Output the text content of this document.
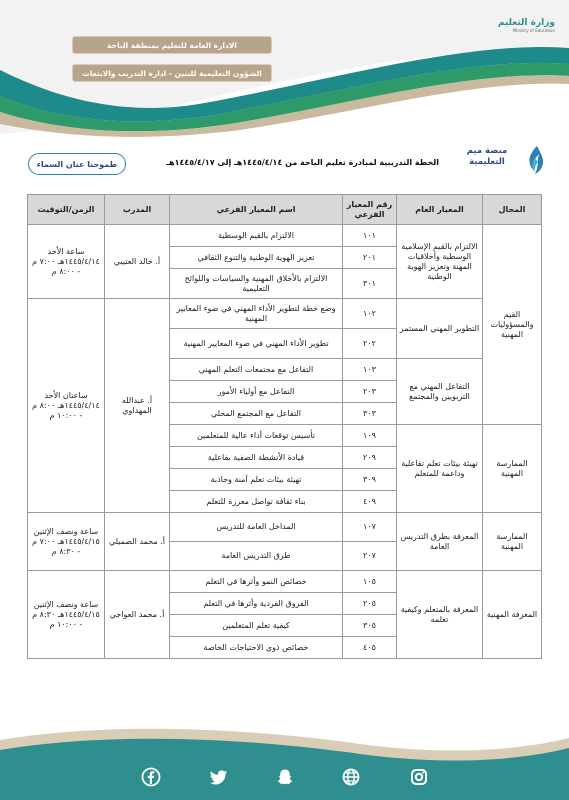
الادارة العامة للتعليم بمنطقة الباحة
الشؤون التعليمية للبنين - ادارة التدريب والابتعاث
وزارة التعليم
Ministry of Education
منصة ميم التعليمية
الخطة التدريبية لمبادرة تعليم الباحة من ١٤٤٥/٤/١٤هـ إلى ١٤٤٥/٤/١٧هـ
طموحنا عنان السماء
المجال	المعيار العام	رقم المعيار الفرعي	اسم المعيار الفرعي	المدرب	الزمن/التوقيت
القيم والمسؤوليات المهنية	الالتزام بالقيم الإسلامية الوسطية وأخلاقيات المهنة وتعزيز الهوية الوطنية	١٠١	الالتزام بالقيم الوسطية	أ. خالد العتيبي	ساعة الأحد ١٤٤٥/٤/١٤هـ ٧:٠٠ م - ٨:٠٠ م
		٢٠١	تعزيز الهوية الوطنية والتنوع الثقافي		
		٣٠١	الالتزام بالأخلاق المهنية والسياسات واللوائح التعليمية		
	التطوير المهني المستمر	١٠٢	وضع خطة لتطوير الأداء المهني في ضوء المعايير المهنية	أ. عبدالله المهداوي	ساعتان الأحد ١٤٤٥/٤/١٤هـ ٨:٠٠ م - ١٠:٠٠ م
		٢٠٢	تطوير الأداء المهني في ضوء المعايير المهنية		
	التفاعل المهني مع التربويين والمجتمع	١٠٣	التفاعل مع مجتمعات التعلم المهني		
		٢٠٣	التفاعل مع أولياء الأمور		
		٣٠٣	التفاعل مع المجتمع المحلي		
الممارسة المهنية	تهيئة بيئات تعلم تفاعلية وداعمة للمتعلم	١٠٩	تأسيس توقعات أداء عالية للمتعلمين		
		٢٠٩	قيادة الأنشطة الصفية بفاعلية		
		٣٠٩	تهيئة بيئات تعلم آمنة وجاذبة		
		٤٠٩	بناء ثقافة تواصل معززة للتعلم		
الممارسة المهنية	المعرفة بطرق التدريس العامة	١٠٧	المداخل العامة للتدريس	أ. محمد الصميلي	ساعة ونصف الإثنين ١٤٤٥/٤/١٥هـ ٧:٠٠ م - ٨:٣٠ م
		٢٠٧	طرق التدريس العامة		
المعرفة المهنية	المعرفة بالمتعلم وكيفية تعلمه	١٠٥	خصائص النمو وأثرها في التعلم	أ. محمد العواجي	ساعة ونصف الإثنين ١٤٤٥/٤/١٥هـ ٨:٣٠ م - ١٠:٠٠ م
		٢٠٥	الفروق الفردية وأثرها في التعلم		
		٣٠٥	كيفية تعلم المتعلمين		
		٤٠٥	خصائص ذوي الاحتياجات الخاصة		
